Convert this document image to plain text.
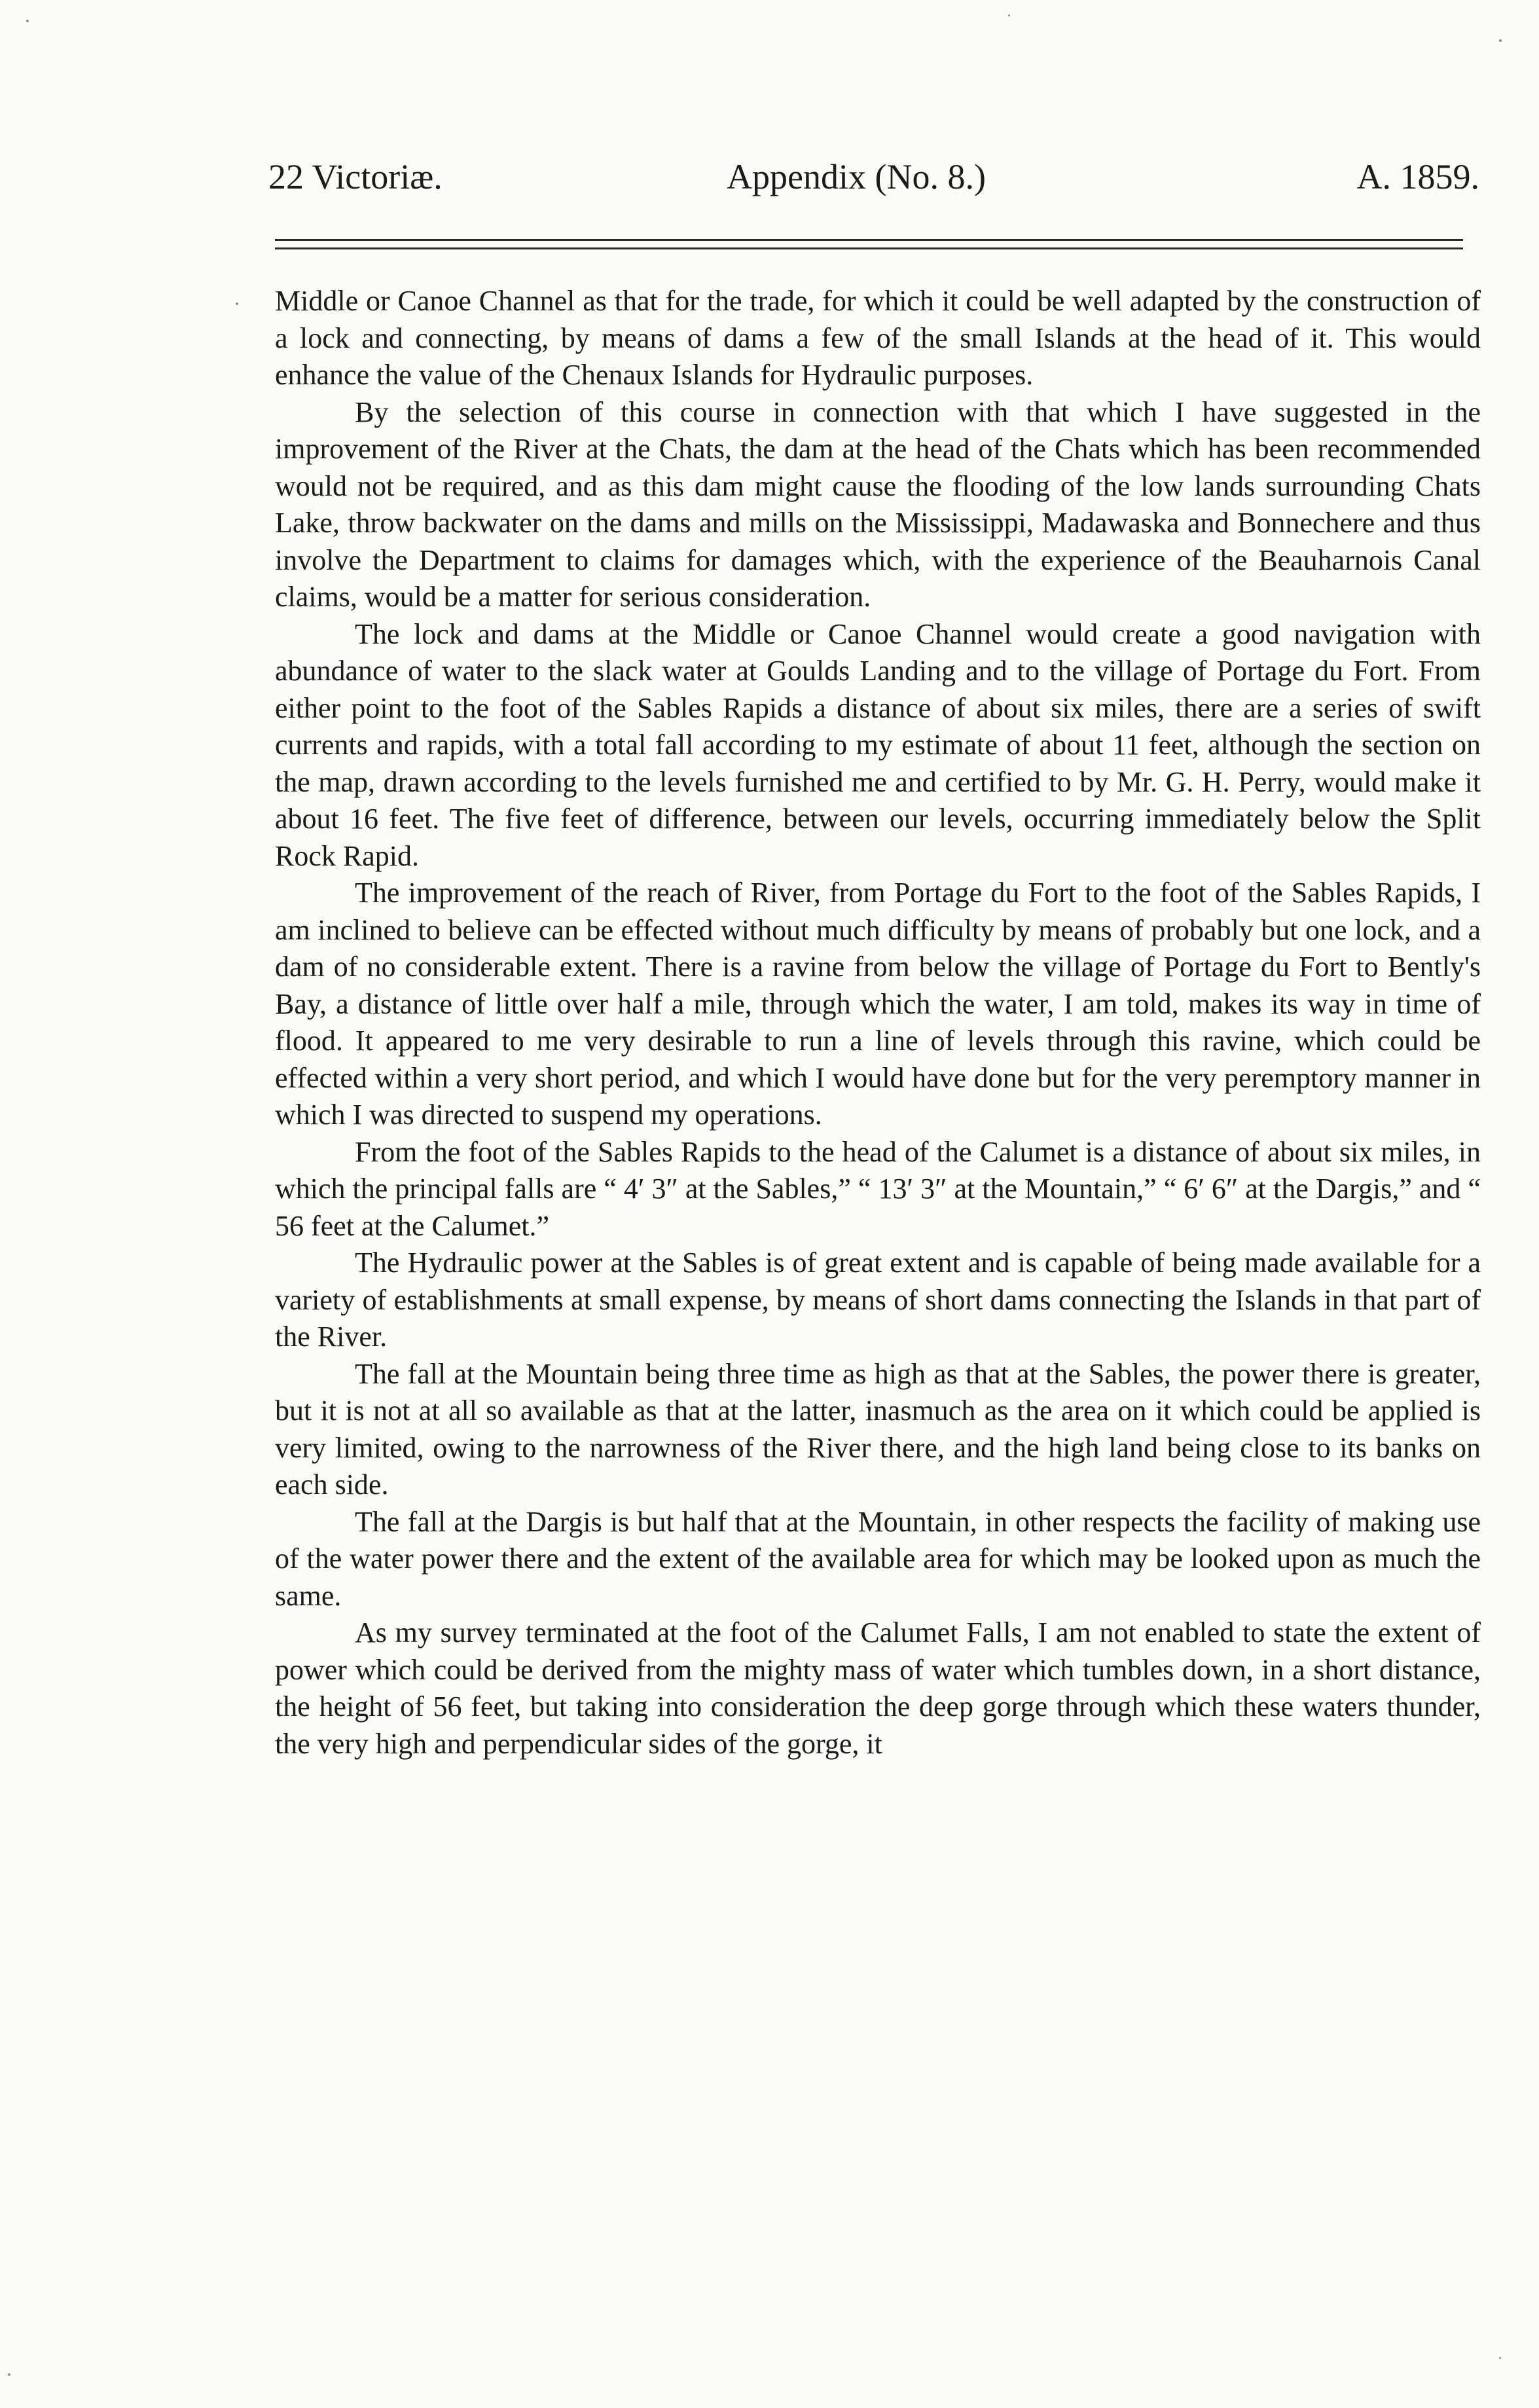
22 Victoriæ.	Appendix (No. 8.)	A. 1859.

Middle or Canoe Channel as that for the trade, for which it could be well adapted by the construction of a lock and connecting, by means of dams a few of the small Islands at the head of it. This would enhance the value of the Chenaux Islands for Hydraulic purposes.

By the selection of this course in connection with that which I have suggested in the improvement of the River at the Chats, the dam at the head of the Chats which has been recommended would not be required, and as this dam might cause the flooding of the low lands surrounding Chats Lake, throw backwater on the dams and mills on the Mississippi, Madawaska and Bonnechere and thus involve the Department to claims for damages which, with the experience of the Beauharnois Canal claims, would be a matter for serious consideration.

The lock and dams at the Middle or Canoe Channel would create a good navigation with abundance of water to the slack water at Goulds Landing and to the village of Portage du Fort. From either point to the foot of the Sables Rapids a distance of about six miles, there are a series of swift currents and rapids, with a total fall according to my estimate of about 11 feet, although the section on the map, drawn according to the levels furnished me and certified to by Mr. G. H. Perry, would make it about 16 feet. The five feet of difference, between our levels, occurring immediately below the Split Rock Rapid.

The improvement of the reach of River, from Portage du Fort to the foot of the Sables Rapids, I am inclined to believe can be effected without much difficulty by means of probably but one lock, and a dam of no considerable extent. There is a ravine from below the village of Portage du Fort to Bently's Bay, a distance of little over half a mile, through which the water, I am told, makes its way in time of flood. It appeared to me very desirable to run a line of levels through this ravine, which could be effected within a very short period, and which I would have done but for the very peremptory manner in which I was directed to suspend my operations.

From the foot of the Sables Rapids to the head of the Calumet is a distance of about six miles, in which the principal falls are “ 4′ 3″ at the Sables,” “ 13′ 3″ at the Mountain,” “ 6′ 6″ at the Dargis,” and “ 56 feet at the Calumet.”

The Hydraulic power at the Sables is of great extent and is capable of being made available for a variety of establishments at small expense, by means of short dams connecting the Islands in that part of the River.

The fall at the Mountain being three time as high as that at the Sables, the power there is greater, but it is not at all so available as that at the latter, inasmuch as the area on it which could be applied is very limited, owing to the narrowness of the River there, and the high land being close to its banks on each side.

The fall at the Dargis is but half that at the Mountain, in other respects the facility of making use of the water power there and the extent of the available area for which may be looked upon as much the same.

As my survey terminated at the foot of the Calumet Falls, I am not enabled to state the extent of power which could be derived from the mighty mass of water which tumbles down, in a short distance, the height of 56 feet, but taking into consideration the deep gorge through which these waters thunder, the very high and perpendicular sides of the gorge, it
